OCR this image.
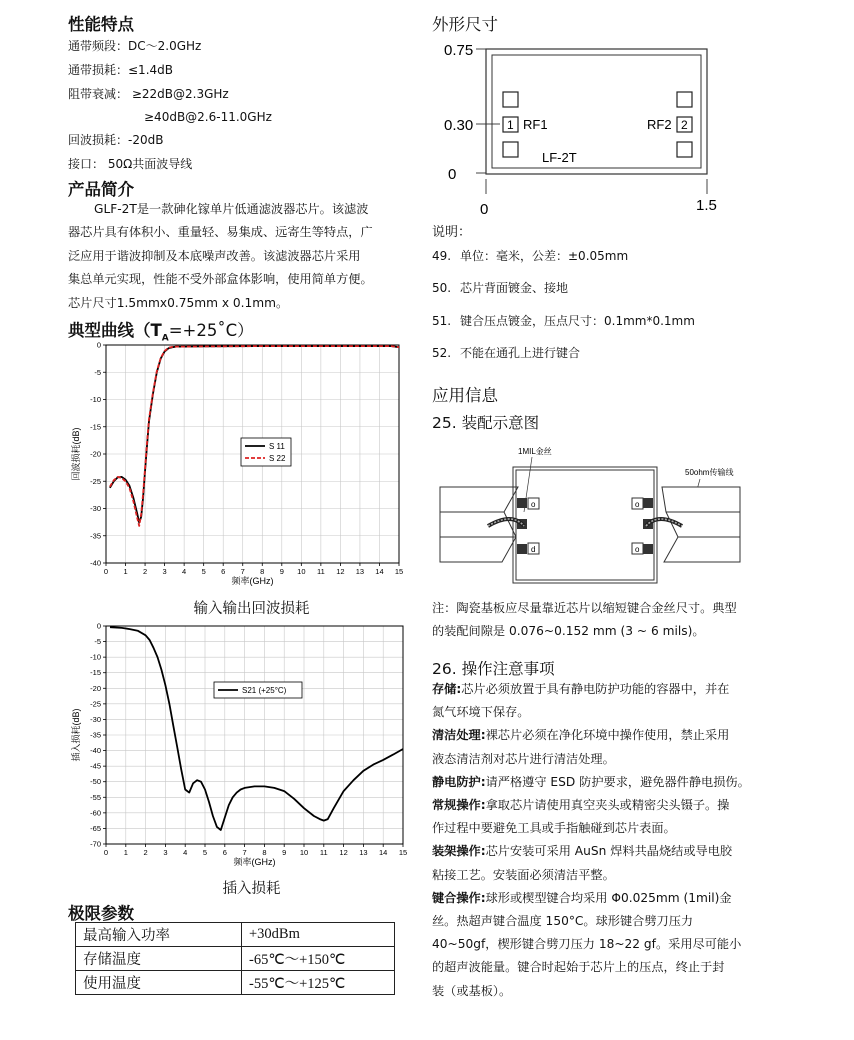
性能特点
通带频段：DC～2.0GHz
通带损耗：≤1.4dB
阻带衰减： ≥22dB@2.3GHz
≥40dB@2.6-11.0GHz
回波损耗：-20dB
接口： 50Ω共面波导线
产品简介
GLF-2T是一款砷化镓单片低通滤波器芯片。该滤波
器芯片具有体积小、重量轻、易集成、远寄生等特点，广
泛应用于谐波抑制及本底噪声改善。该滤波器芯片采用
集总单元实现，性能不受外部盒体影响，使用简单方便。
芯片尺寸1.5mmx0.75mm x 0.1mm。
典型曲线$(T_A=+25˚C)$
0 1 2 3 4 5 6 7 8 9 10 11 12 13 14 15
0
-5
-10
-15
-20
-25
-30
-35
-40
频率(GHz)
回波损耗(dB)	S 11
S 22
输入输出回波损耗
0 1 2 3 4 5 6 7 8 9 10 11 12 13 14 15
0
-5
-10
-15
-20
-25
-30
-35
-40
-45
-50
-55
-60
-65
-70
频率(GHz)
插入损耗(dB)
S21 (+25°C)
插入损耗
极限参数
最高输入功率	+30dBm
存储温度	-65℃～+150℃
使用温度	-55℃～+125℃
外形尺寸
0.75
0.30
0
0	1.5
1 RF1	2
RF2
LF-2T
说明：
49. 单位：毫米，公差：±0.05mm
50. 芯片背面镀金、接地
51. 键合压点镀金，压点尺寸：0.1mm*0.1mm
52. 不能在通孔上进行键合
应用信息
25. 装配示意图
1MIL金丝
50ohm传输线
o
d
o
o
注：陶瓷基板应尽量靠近芯片以缩短键合金丝尺寸。典型
的装配间隙是 0.076~0.152 mm (3 ~ 6 mils)。
26. 操作注意事项
存储:芯片必须放置于具有静电防护功能的容器中，并在
氮气环境下保存。
清洁处理:裸芯片必须在净化环境中操作使用，禁止采用
液态清洁剂对芯片进行清洁处理。
静电防护:请严格遵守 ESD 防护要求，避免器件静电损伤。
常规操作:拿取芯片请使用真空夹头或精密尖头镊子。操
作过程中要避免工具或手指触碰到芯片表面。
装架操作:芯片安装可采用 AuSn 焊料共晶烧结或导电胶
粘接工艺。安装面必须清洁平整。
键合操作:球形或楔型键合均采用 Φ0.025mm (1mil)金
丝。热超声键合温度 150°C。球形键合劈刀压力
40~50gf，楔形键合劈刀压力 18~22 gf。采用尽可能小
的超声波能量。键合时起始于芯片上的压点，终止于封
装（或基板）。
